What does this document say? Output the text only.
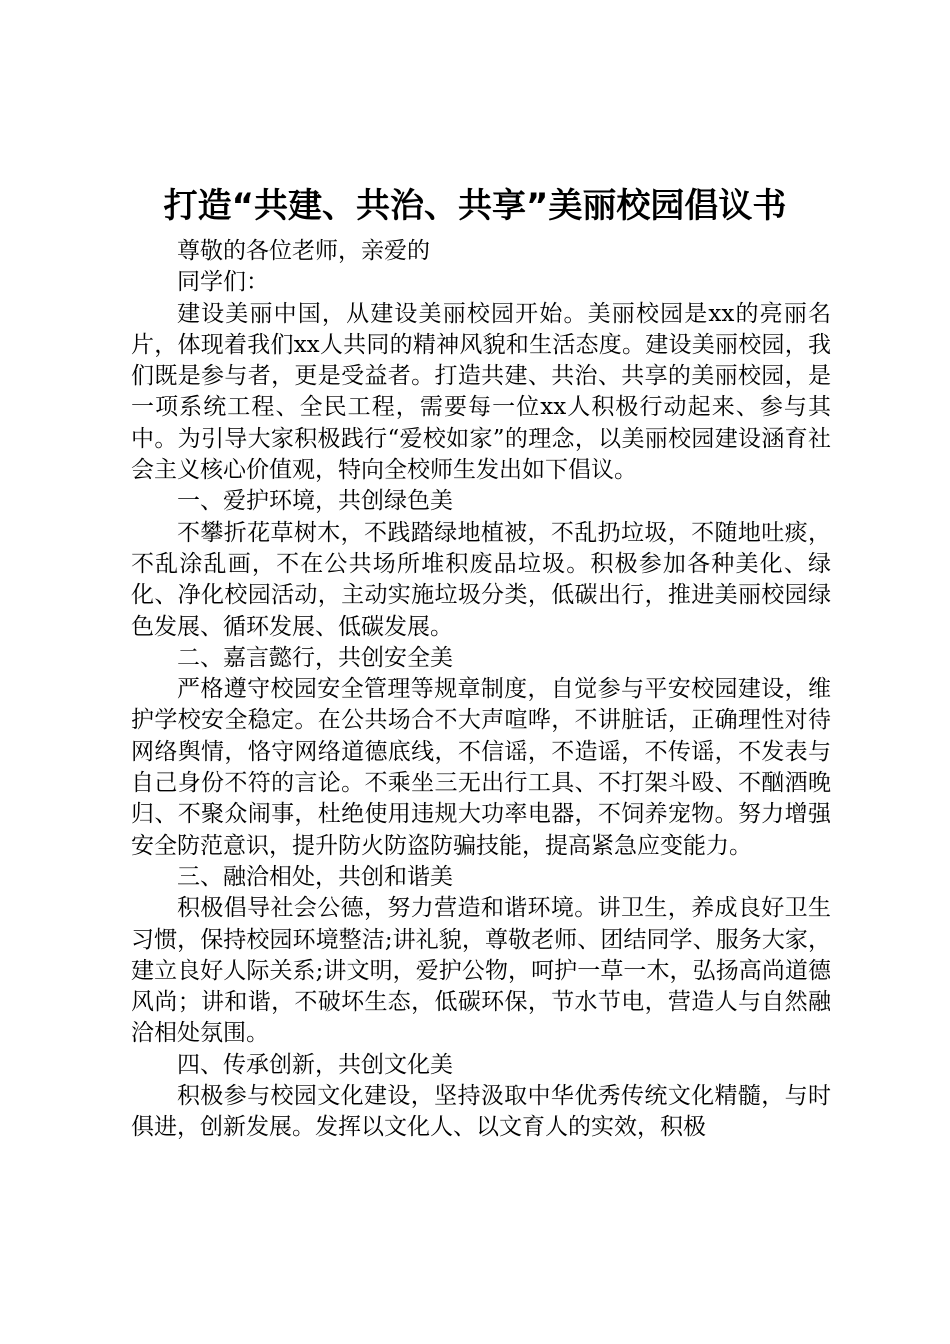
打造“共建、共治、共享”美丽校园倡议书

尊敬的各位老师，亲爱的

同学们：

建设美丽中国，从建设美丽校园开始。美丽校园是xx的亮丽名片，体现着我们xx人共同的精神风貌和生活态度。建设美丽校园，我们既是参与者，更是受益者。打造共建、共治、共享的美丽校园，是一项系统工程、全民工程，需要每一位xx人积极行动起来、参与其中。为引导大家积极践行“爱校如家”的理念，以美丽校园建设涵育社会主义核心价值观，特向全校师生发出如下倡议。

一、爱护环境，共创绿色美

不攀折花草树木，不践踏绿地植被，不乱扔垃圾，不随地吐痰，不乱涂乱画，不在公共场所堆积废品垃圾。积极参加各种美化、绿化、净化校园活动，主动实施垃圾分类，低碳出行，推进美丽校园绿色发展、循环发展、低碳发展。

二、嘉言懿行，共创安全美

严格遵守校园安全管理等规章制度，自觉参与平安校园建设，维护学校安全稳定。在公共场合不大声喧哗，不讲脏话，正确理性对待网络舆情，恪守网络道德底线，不信谣，不造谣，不传谣，不发表与自己身份不符的言论。不乘坐三无出行工具、不打架斗殴、不酗酒晚归、不聚众闹事，杜绝使用违规大功率电器，不饲养宠物。努力增强安全防范意识，提升防火防盗防骗技能，提高紧急应变能力。

三、融洽相处，共创和谐美

积极倡导社会公德，努力营造和谐环境。讲卫生，养成良好卫生习惯，保持校园环境整洁;讲礼貌，尊敬老师、团结同学、服务大家，建立良好人际关系;讲文明，爱护公物，呵护一草一木，弘扬高尚道德风尚；讲和谐，不破坏生态，低碳环保，节水节电，营造人与自然融洽相处氛围。

四、传承创新，共创文化美

积极参与校园文化建设，坚持汲取中华优秀传统文化精髓，与时俱进，创新发展。发挥以文化人、以文育人的实效，积极
